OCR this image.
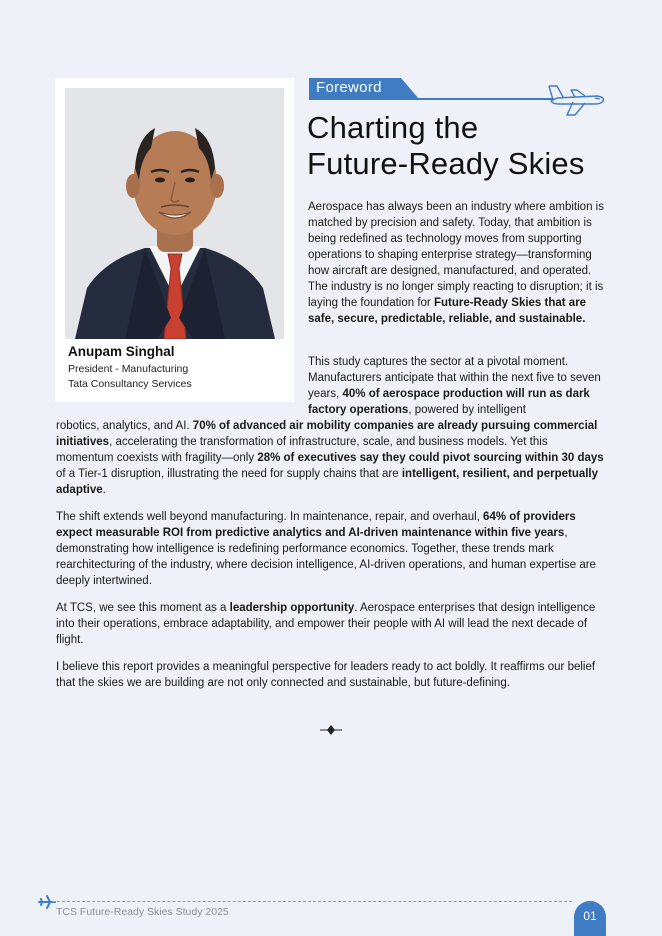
Anupam Singhal
President - Manufacturing
Tata Consultancy Services
Foreword
Charting the
Future-Ready Skies
Aerospace has always been an industry where ambition is matched by precision and safety. Today, that ambition is being redefined as technology moves from supporting operations to shaping enterprise strategy—transforming how aircraft are designed, manufactured, and operated. The industry is no longer simply reacting to disruption; it is laying the foundation for Future-Ready Skies that are safe, secure, predictable, reliable, and sustainable.
This study captures the sector at a pivotal moment. Manufacturers anticipate that within the next five to seven years, 40% of aerospace production will run as dark factory operations, powered by intelligent
robotics, analytics, and AI. 70% of advanced air mobility companies are already pursuing commercial initiatives, accelerating the transformation of infrastructure, scale, and business models. Yet this momentum coexists with fragility—only 28% of executives say they could pivot sourcing within 30 days of a Tier-1 disruption, illustrating the need for supply chains that are intelligent, resilient, and perpetually adaptive.
The shift extends well beyond manufacturing. In maintenance, repair, and overhaul, 64% of providers expect measurable ROI from predictive analytics and AI-driven maintenance within five years, demonstrating how intelligence is redefining performance economics. Together, these trends mark rearchitecturing of the industry, where decision intelligence, AI-driven operations, and human expertise are deeply intertwined.
At TCS, we see this moment as a leadership opportunity. Aerospace enterprises that design intelligence into their operations, embrace adaptability, and empower their people with AI will lead the next decade of flight.
I believe this report provides a meaningful perspective for leaders ready to act boldly. It reaffirms our belief that the skies we are building are not only connected and sustainable, but future-defining.
TCS Future-Ready Skies Study 2025	01
